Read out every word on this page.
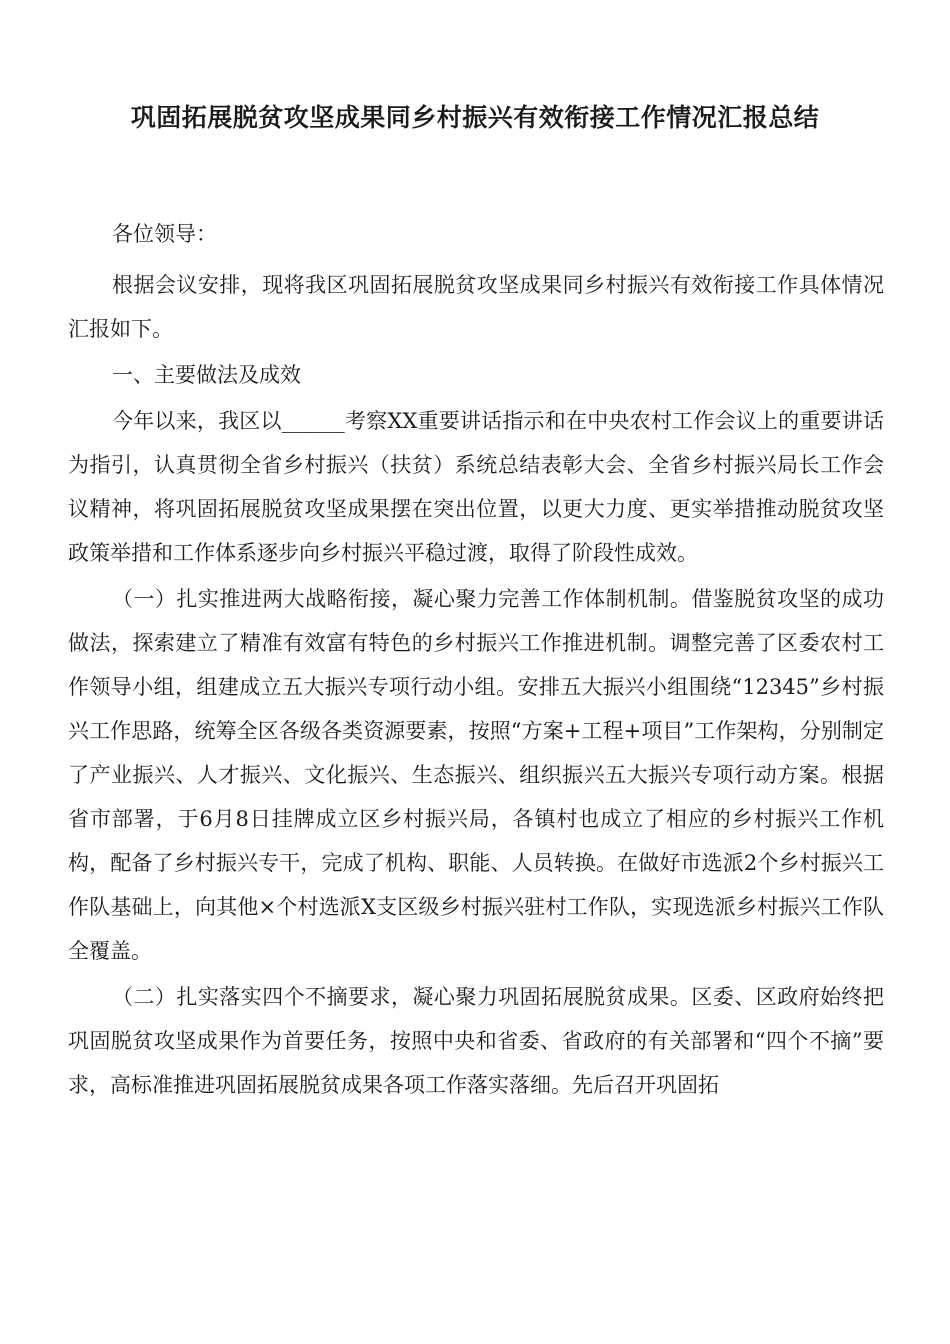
巩固拓展脱贫攻坚成果同乡村振兴有效衔接工作情况汇报总结

各位领导：

根据会议安排，现将我区巩固拓展脱贫攻坚成果同乡村振兴有效衔接工作具体情况汇报如下。

一、主要做法及成效

今年以来，我区以______考察XX重要讲话指示和在中央农村工作会议上的重要讲话为指引，认真贯彻全省乡村振兴（扶贫）系统总结表彰大会、全省乡村振兴局长工作会议精神，将巩固拓展脱贫攻坚成果摆在突出位置，以更大力度、更实举措推动脱贫攻坚政策举措和工作体系逐步向乡村振兴平稳过渡，取得了阶段性成效。

（一）扎实推进两大战略衔接，凝心聚力完善工作体制机制。借鉴脱贫攻坚的成功做法，探索建立了精准有效富有特色的乡村振兴工作推进机制。调整完善了区委农村工作领导小组，组建成立五大振兴专项行动小组。安排五大振兴小组围绕“12345”乡村振兴工作思路，统筹全区各级各类资源要素，按照“方案+工程+项目”工作架构，分别制定了产业振兴、人才振兴、文化振兴、生态振兴、组织振兴五大振兴专项行动方案。根据省市部署，于6月8日挂牌成立区乡村振兴局，各镇村也成立了相应的乡村振兴工作机构，配备了乡村振兴专干，完成了机构、职能、人员转换。在做好市选派2个乡村振兴工作队基础上，向其他×个村选派X支区级乡村振兴驻村工作队，实现选派乡村振兴工作队全覆盖。

（二）扎实落实四个不摘要求，凝心聚力巩固拓展脱贫成果。区委、区政府始终把巩固脱贫攻坚成果作为首要任务，按照中央和省委、省政府的有关部署和“四个不摘”要求，高标准推进巩固拓展脱贫成果各项工作落实落细。先后召开巩固拓
